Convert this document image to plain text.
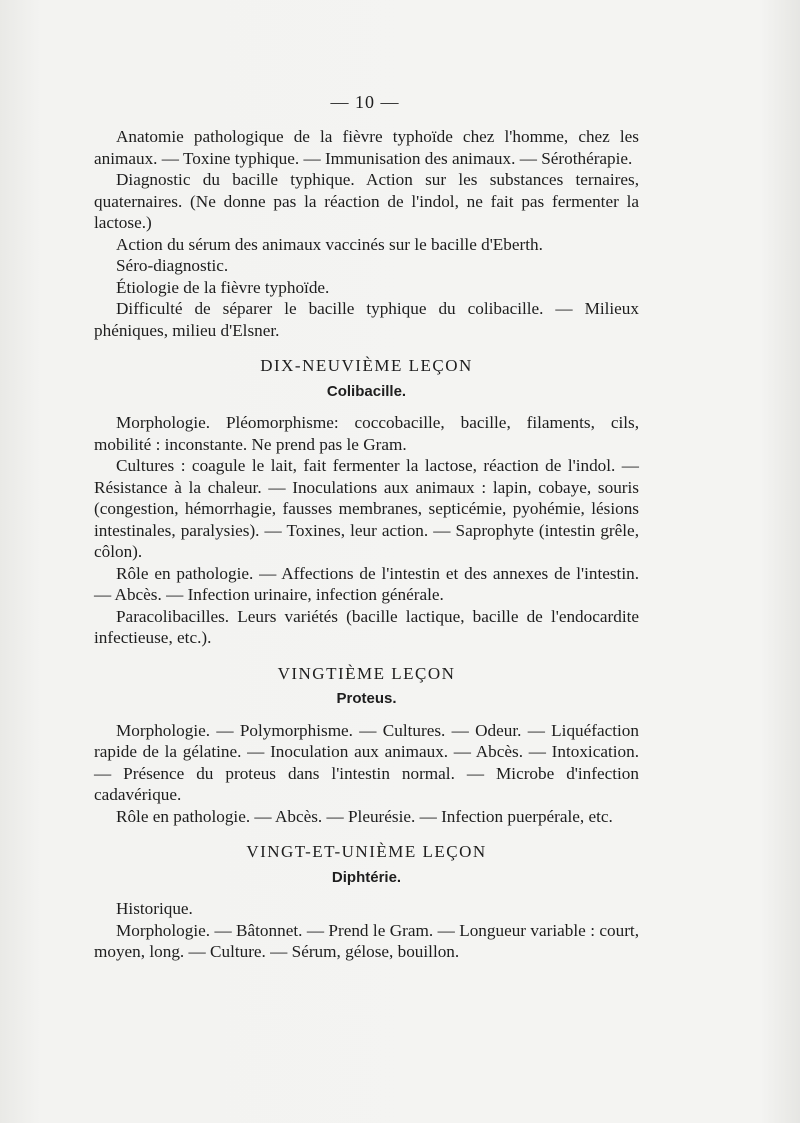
— 10 —

Anatomie pathologique de la fièvre typhoïde chez l'homme, chez les animaux. — Toxine typhique. — Immunisation des animaux. — Sérothérapie.

Diagnostic du bacille typhique. Action sur les substances ternaires, quaternaires. (Ne donne pas la réaction de l'indol, ne fait pas fermenter la lactose.)

Action du sérum des animaux vaccinés sur le bacille d'Eberth.

Séro-diagnostic.

Étiologie de la fièvre typhoïde.

Difficulté de séparer le bacille typhique du colibacille. — Milieux phéniques, milieu d'Elsner.

DIX-NEUVIÈME LEÇON
Colibacille.

Morphologie. Pléomorphisme: coccobacille, bacille, filaments, cils, mobilité : inconstante. Ne prend pas le Gram.

Cultures : coagule le lait, fait fermenter la lactose, réaction de l'indol. — Résistance à la chaleur. — Inoculations aux animaux : lapin, cobaye, souris (congestion, hémorrhagie, fausses membranes, septicémie, pyohémie, lésions intestinales, paralysies). — Toxines, leur action. — Saprophyte (intestin grêle, côlon).

Rôle en pathologie. — Affections de l'intestin et des annexes de l'intestin. — Abcès. — Infection urinaire, infection générale.

Paracolibacilles. Leurs variétés (bacille lactique, bacille de l'endocardite infectieuse, etc.).

VINGTIÈME LEÇON
Proteus.

Morphologie. — Polymorphisme. — Cultures. — Odeur. — Liquéfaction rapide de la gélatine. — Inoculation aux animaux. — Abcès. — Intoxication. — Présence du proteus dans l'intestin normal. — Microbe d'infection cadavérique.

Rôle en pathologie. — Abcès. — Pleurésie. — Infection puerpérale, etc.

VINGT-ET-UNIÈME LEÇON
Diphtérie.

Historique.

Morphologie. — Bâtonnet. — Prend le Gram. — Longueur variable : court, moyen, long. — Culture. — Sérum, gélose, bouillon.
